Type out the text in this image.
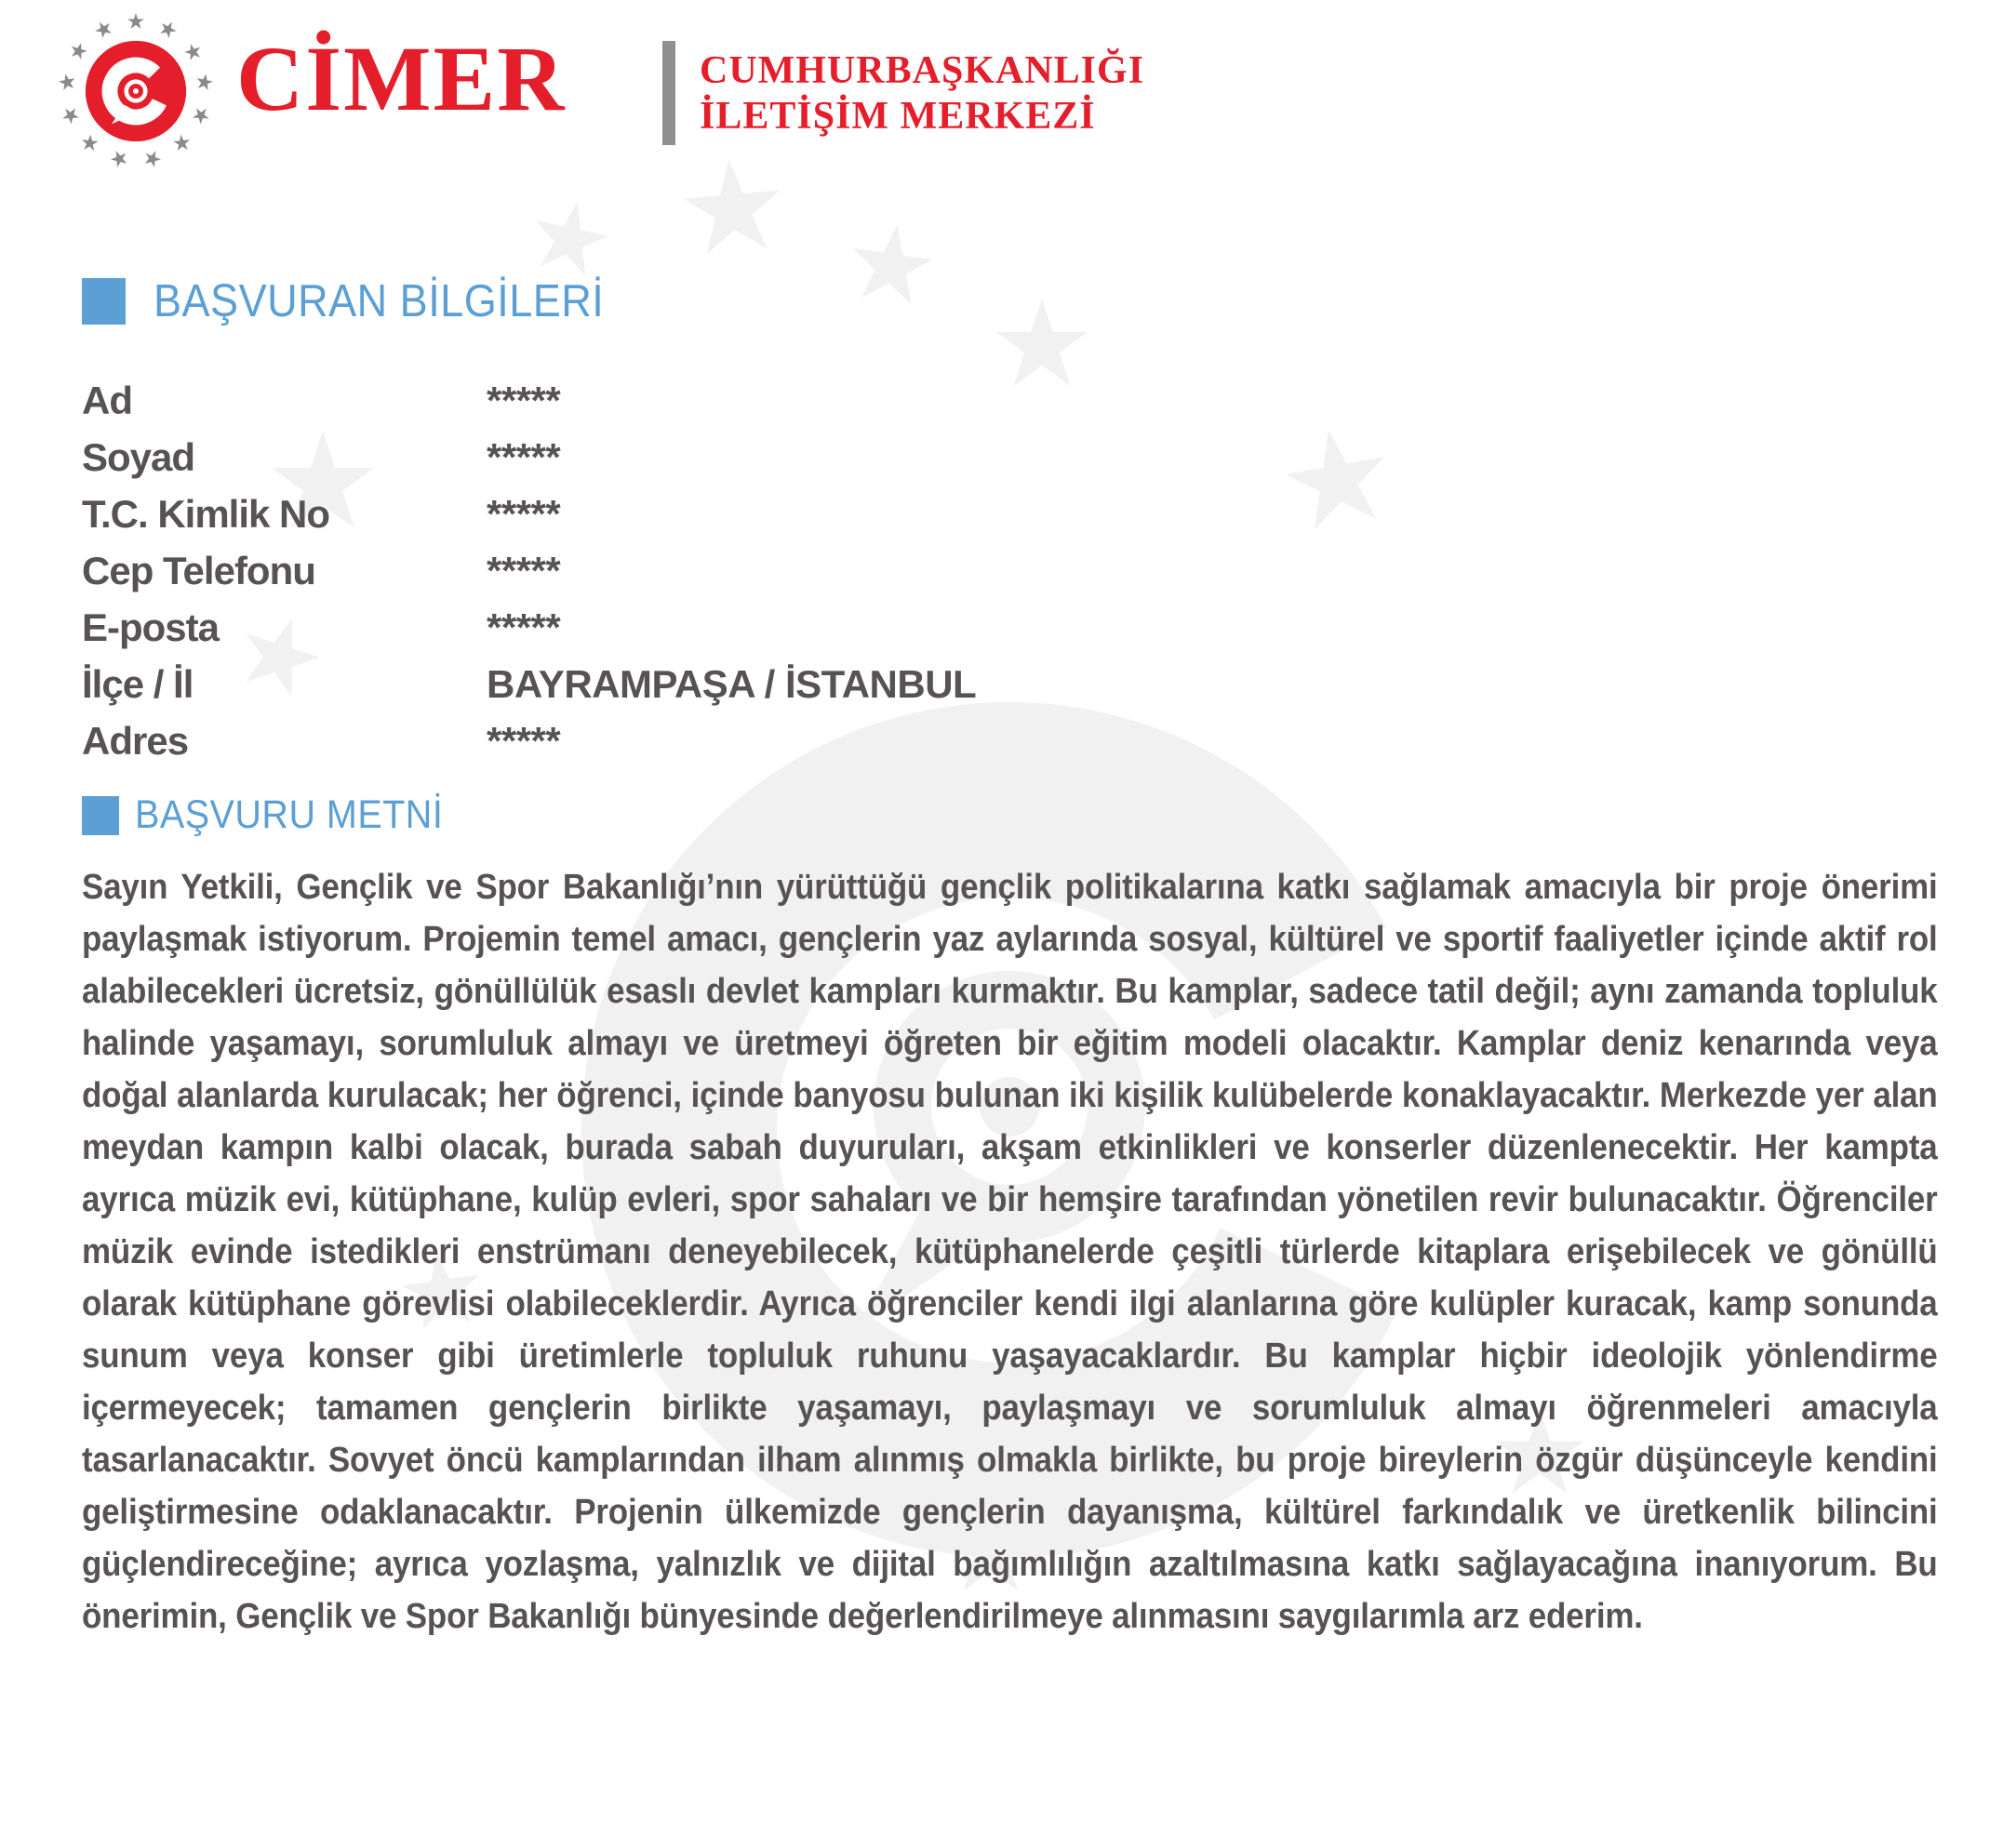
CİMER	CUMHURBAŞKANLIĞI
İLETİŞİM MERKEZİ
BAŞVURAN BİLGİLERİ
Ad	*****
Soyad	*****
T.C. Kimlik No	*****
Cep Telefonu	*****
E-posta	*****
İlçe / İl	BAYRAMPAŞA / İSTANBUL
Adres	*****
BAŞVURU METNİ

Sayın Yetkili, Gençlik ve Spor Bakanlığı’nın yürüttüğü gençlik politikalarına katkı sağlamak amacıyla bir proje önerimi paylaşmak istiyorum. Projemin temel amacı, gençlerin yaz aylarında sosyal, kültürel ve sportif faaliyetler içinde aktif rol alabilecekleri ücretsiz, gönüllülük esaslı devlet kampları kurmaktır. Bu kamplar, sadece tatil değil; aynı zamanda topluluk halinde yaşamayı, sorumluluk almayı ve üretmeyi öğreten bir eğitim modeli olacaktır. Kamplar deniz kenarında veya doğal alanlarda kurulacak; her öğrenci, içinde banyosu bulunan iki kişilik kulübelerde konaklayacaktır. Merkezde yer alan meydan kampın kalbi olacak, burada sabah duyuruları, akşam etkinlikleri ve konserler düzenlenecektir. Her kampta ayrıca müzik evi, kütüphane, kulüp evleri, spor sahaları ve bir hemşire tarafından yönetilen revir bulunacaktır. Öğrenciler müzik evinde istedikleri enstrümanı deneyebilecek, kütüphanelerde çeşitli türlerde kitaplara erişebilecek ve gönüllü olarak kütüphane görevlisi olabileceklerdir. Ayrıca öğrenciler kendi ilgi alanlarına göre kulüpler kuracak, kamp sonunda sunum veya konser gibi üretimlerle topluluk ruhunu yaşayacaklardır. Bu kamplar hiçbir ideolojik yönlendirme içermeyecek; tamamen gençlerin birlikte yaşamayı, paylaşmayı ve sorumluluk almayı öğrenmeleri amacıyla tasarlanacaktır. Sovyet öncü kamplarından ilham alınmış olmakla birlikte, bu proje bireylerin özgür düşünceyle kendini geliştirmesine odaklanacaktır. Projenin ülkemizde gençlerin dayanışma, kültürel farkındalık ve üretkenlik bilincini güçlendireceğine; ayrıca yozlaşma, yalnızlık ve dijital bağımlılığın azaltılmasına katkı sağlayacağına inanıyorum. Bu önerimin, Gençlik ve Spor Bakanlığı bünyesinde değerlendirilmeye alınmasını saygılarımla arz ederim.
